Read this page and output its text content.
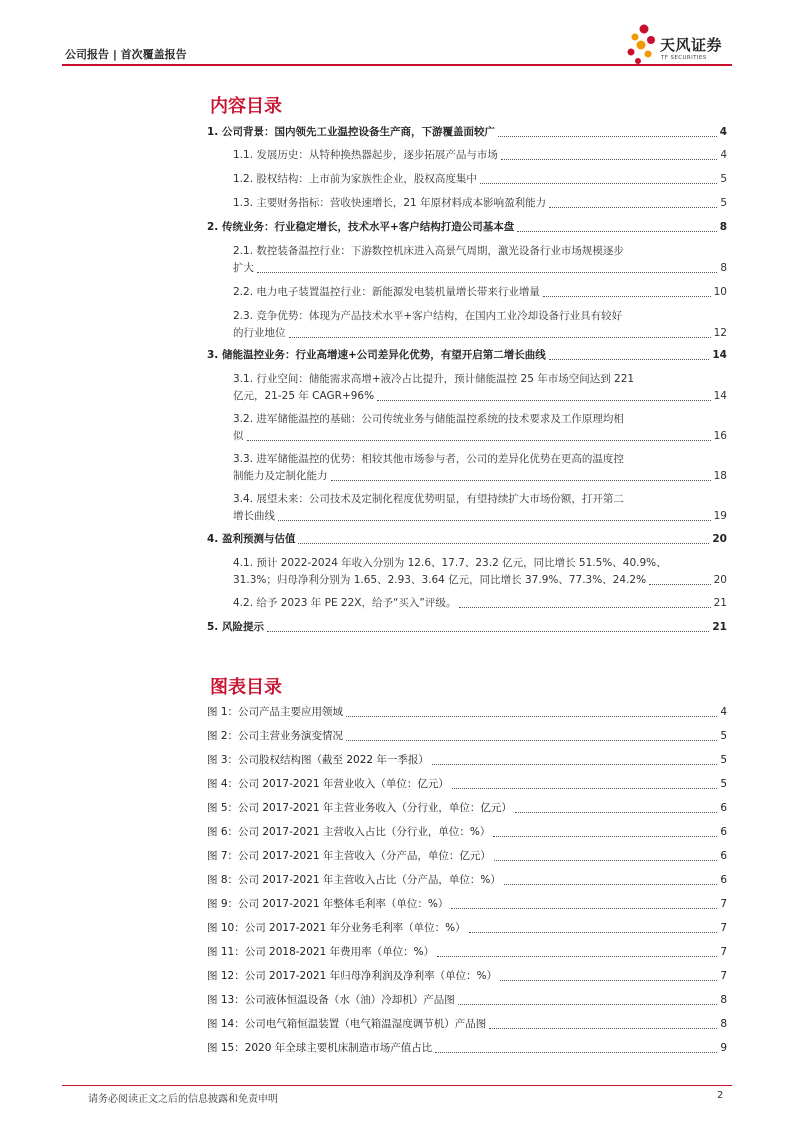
公司报告 | 首次覆盖报告
天风证券
TF SECURITIES
内容目录
1. 公司背景：国内领先工业温控设备生产商，下游覆盖面较广	4
1.1. 发展历史：从特种换热器起步，逐步拓展产品与市场	4
1.2. 股权结构：上市前为家族性企业，股权高度集中	5
1.3. 主要财务指标：营收快速增长，21 年原材料成本影响盈利能力	5
2. 传统业务：行业稳定增长，技术水平+客户结构打造公司基本盘	8
2.1. 数控装备温控行业：下游数控机床进入高景气周期，激光设备行业市场规模逐步
扩大	8
2.2. 电力电子装置温控行业：新能源发电装机量增长带来行业增量	10
2.3. 竞争优势：体现为产品技术水平+客户结构，在国内工业冷却设备行业具有较好
的行业地位	12
3. 储能温控业务：行业高增速+公司差异化优势，有望开启第二增长曲线	14
3.1. 行业空间：储能需求高增+液冷占比提升，预计储能温控 25 年市场空间达到 221
亿元，21-25 年 CAGR+96%	14
3.2. 进军储能温控的基础：公司传统业务与储能温控系统的技术要求及工作原理均相
似	16
3.3. 进军储能温控的优势：相较其他市场参与者，公司的差异化优势在更高的温度控
制能力及定制化能力	18
3.4. 展望未来：公司技术及定制化程度优势明显，有望持续扩大市场份额，打开第二
增长曲线	19
4. 盈利预测与估值	20
4.1. 预计 2022-2024 年收入分别为 12.6、17.7、23.2 亿元，同比增长 51.5%、40.9%、
31.3%；归母净利分别为 1.65、2.93、3.64 亿元，同比增长 37.9%、77.3%、24.2%	20
4.2. 给予 2023 年 PE 22X，给予“买入”评级。	21
5. 风险提示	21
图表目录
图 1：公司产品主要应用领域	4
图 2：公司主营业务演变情况	5
图 3：公司股权结构图（截至 2022 年一季报）	5
图 4：公司 2017-2021 年营业收入（单位：亿元）	5
图 5：公司 2017-2021 年主营业务收入（分行业，单位：亿元）	6
图 6：公司 2017-2021 主营收入占比（分行业，单位：%）	6
图 7：公司 2017-2021 年主营收入（分产品，单位：亿元）	6
图 8：公司 2017-2021 年主营收入占比（分产品，单位：%）	6
图 9：公司 2017-2021 年整体毛利率（单位：%）	7
图 10：公司 2017-2021 年分业务毛利率（单位：%）	7
图 11：公司 2018-2021 年费用率（单位：%）	7
图 12：公司 2017-2021 年归母净利润及净利率（单位：%）	7
图 13：公司液体恒温设备（水（油）冷却机）产品图	8
图 14：公司电气箱恒温装置（电气箱温湿度调节机）产品图	8
图 15：2020 年全球主要机床制造市场产值占比	9
请务必阅读正文之后的信息披露和免责申明	2
